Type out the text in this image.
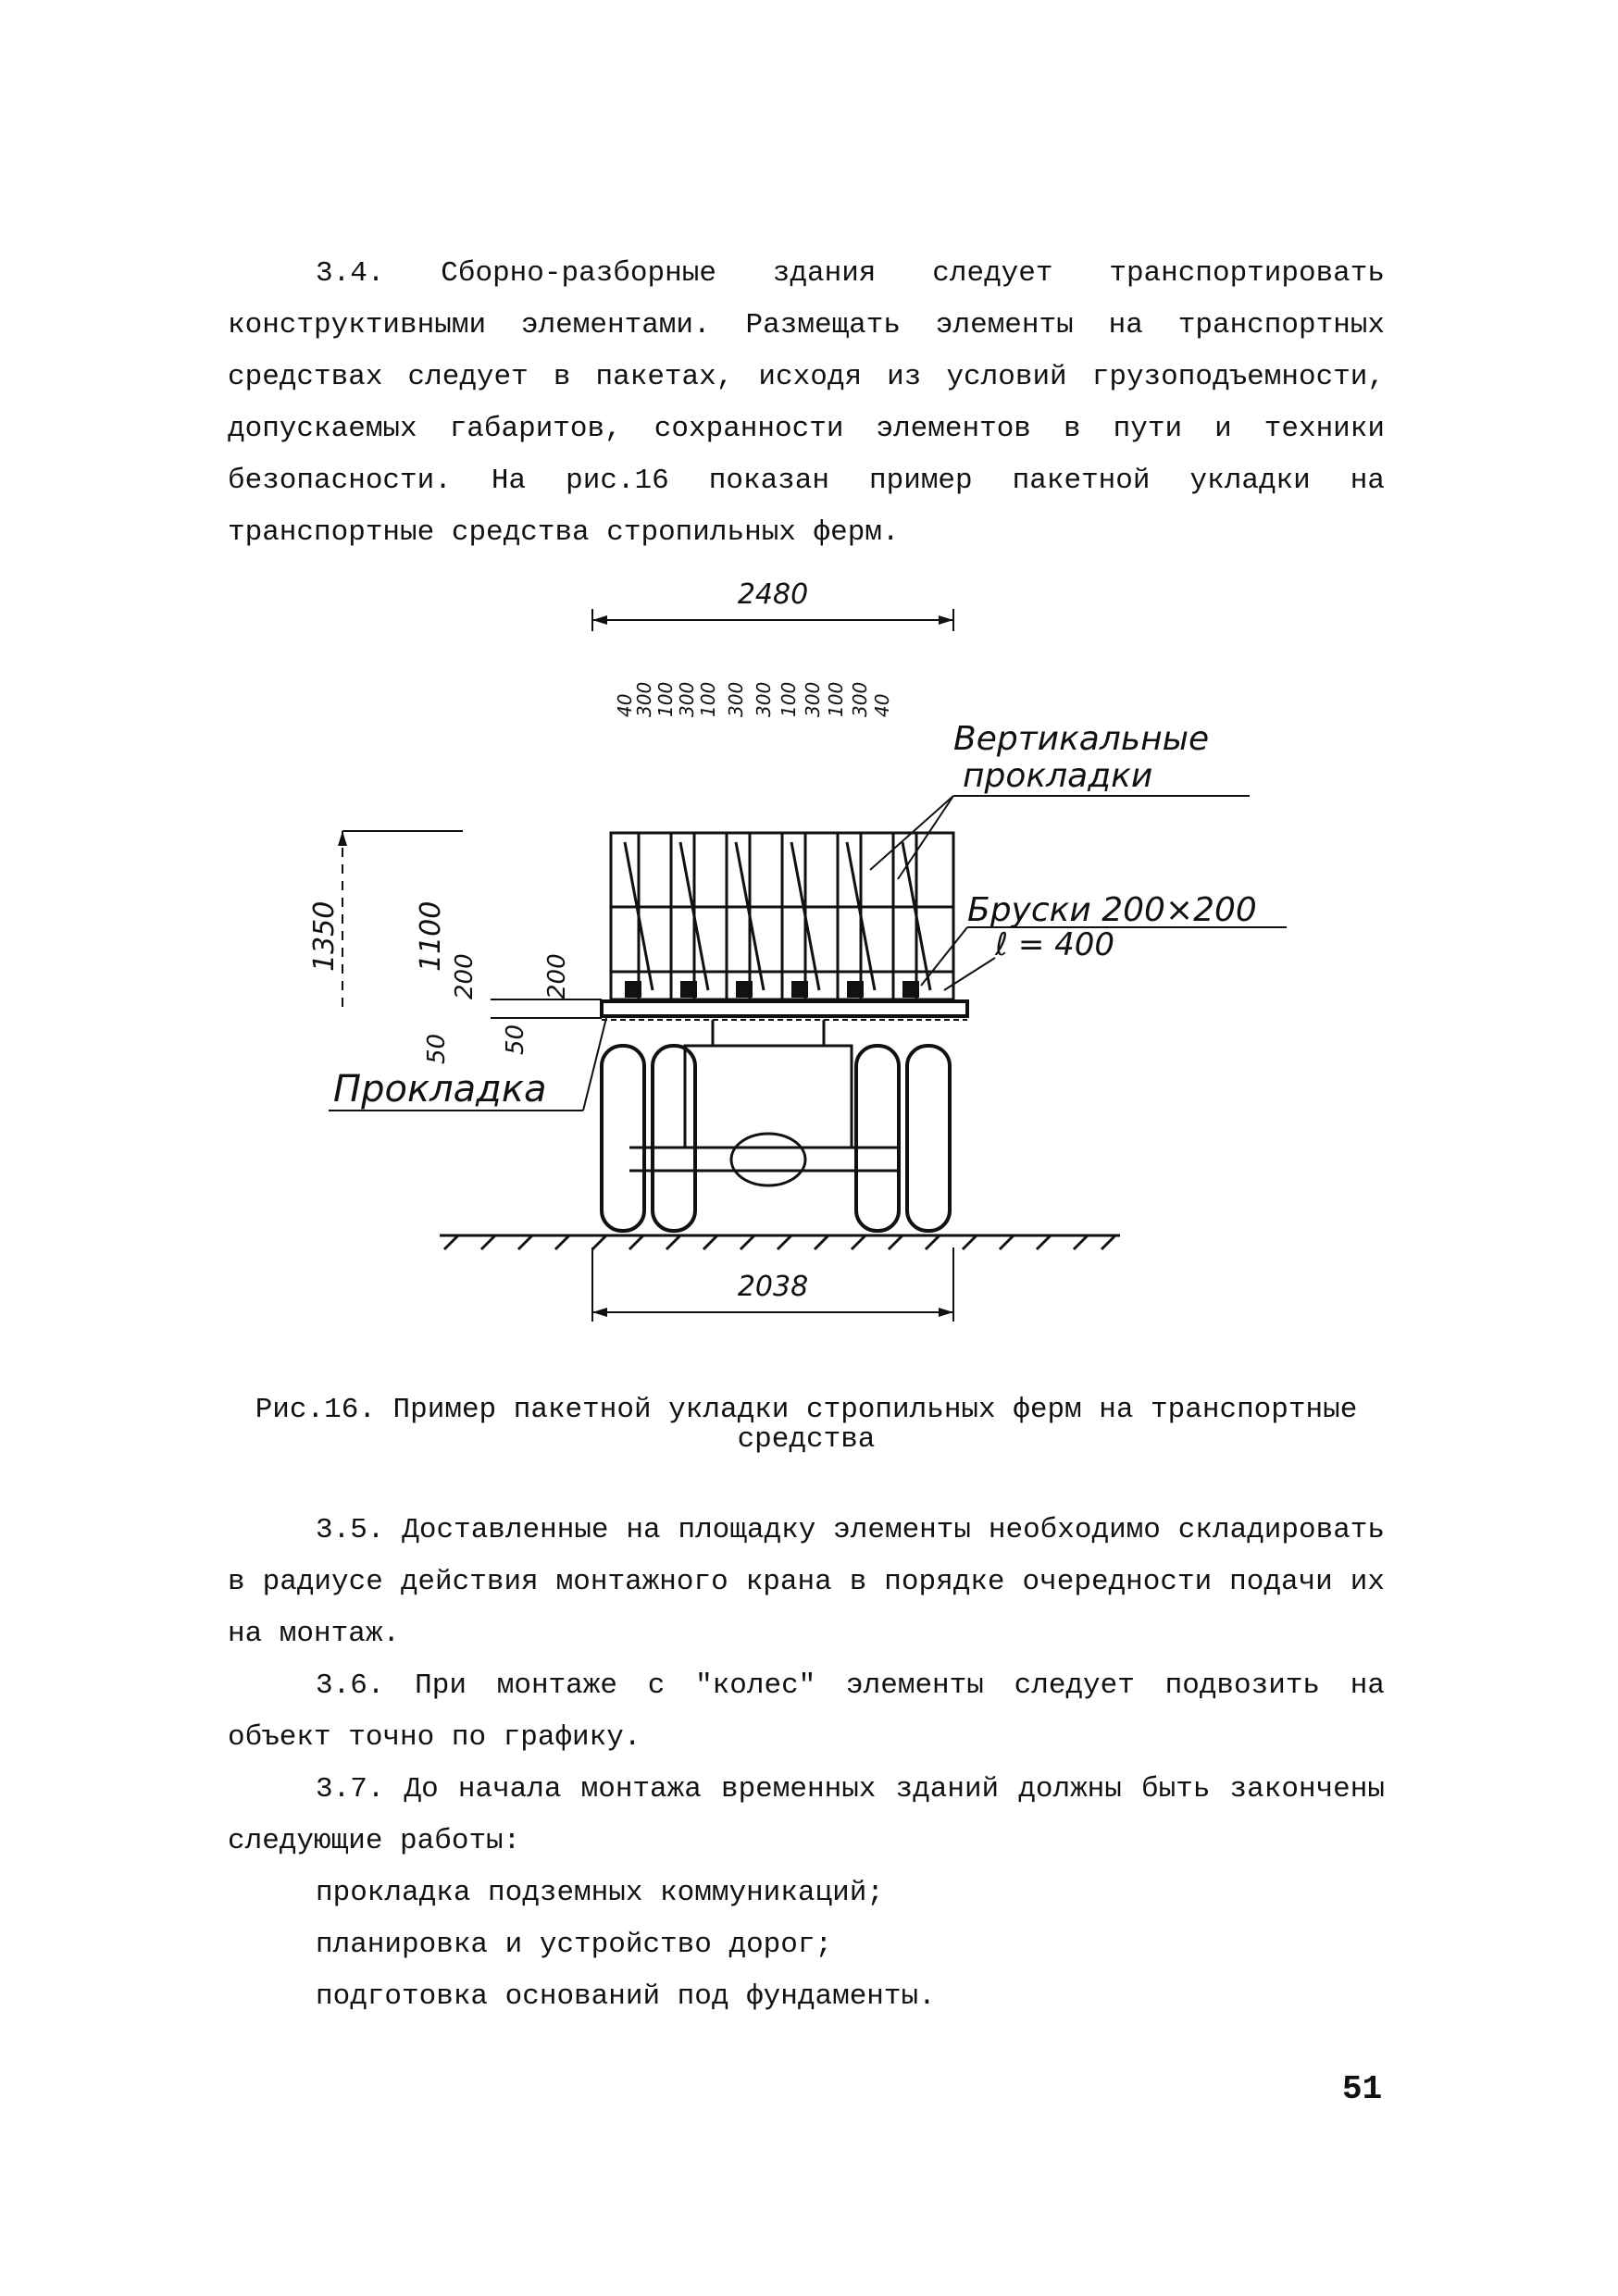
3.4. Сборно-разборные здания следует транспортировать конструктивными элементами. Размещать элементы на транспортных средствах следует в пакетах, исходя из условий грузоподъемности, допускаемых габаритов, сохранности элементов в пути и техники безопасности. На рис.16 показан пример пакетной укладки на транспортные средства стропильных ферм.

2480
40
300 100 300 100 300 300 100 300 100 300 40
Вертикальные
прокладки
Бруски 200×200
ℓ = 400
1350	1100
200	200
50 50
Прокладка
2038

Рис.16. Пример пакетной укладки стропильных ферм на транспортные средства

3.5. Доставленные на площадку элементы необходимо складировать в радиусе действия монтажного крана в порядке очередности подачи их на монтаж.

3.6. При монтаже с "колес" элементы следует подвозить на объект точно по графику.

3.7. До начала монтажа временных зданий должны быть закончены следующие работы:

прокладка подземных коммуникаций;

планировка и устройство дорог;

подготовка оснований под фундаменты.

51
